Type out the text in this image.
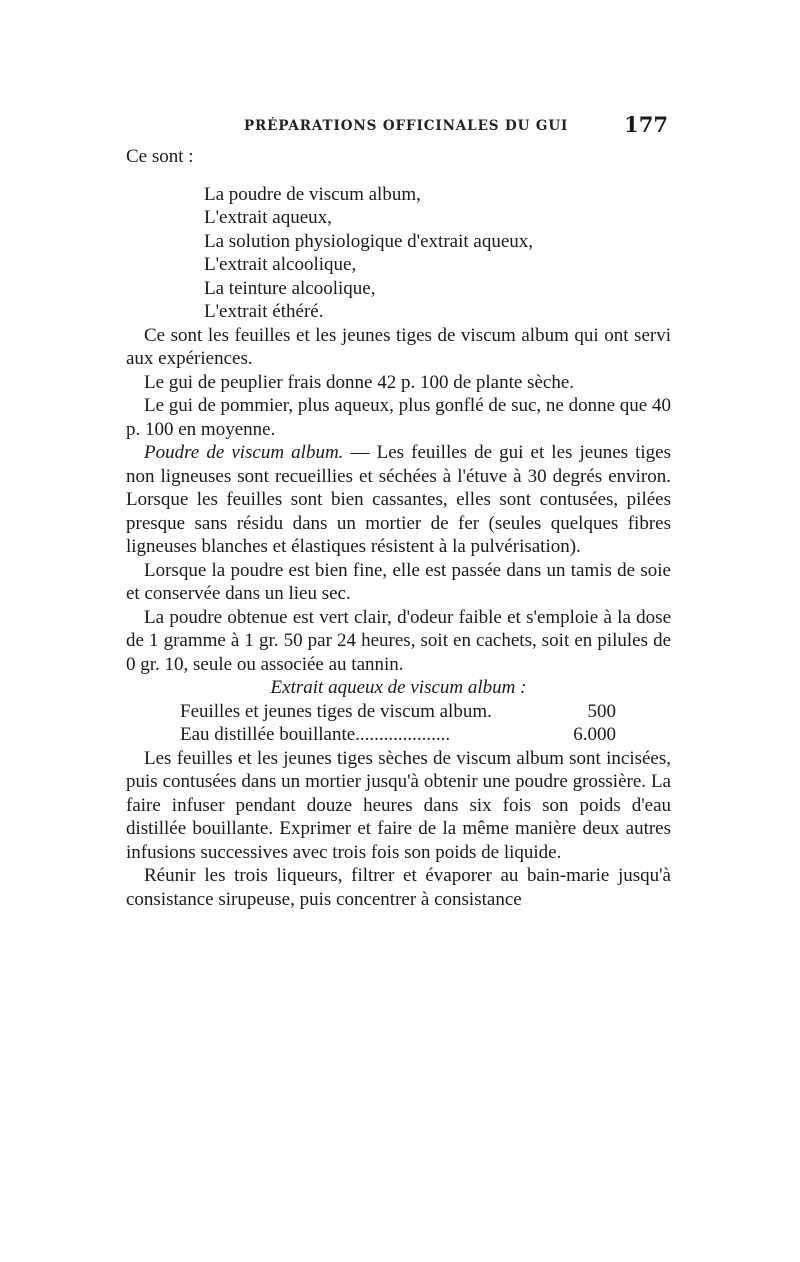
PRÉPARATIONS OFFICINALES DU GUI	177

Ce sont :

La poudre de viscum album,
L'extrait aqueux,
La solution physiologique d'extrait aqueux,
L'extrait alcoolique,
La teinture alcoolique,
L'extrait éthéré.

Ce sont les feuilles et les jeunes tiges de viscum album qui ont servi aux expériences.

Le gui de peuplier frais donne 42 p. 100 de plante sèche.

Le gui de pommier, plus aqueux, plus gonflé de suc, ne donne que 40 p. 100 en moyenne.

Poudre de viscum album. — Les feuilles de gui et les jeunes tiges non ligneuses sont recueillies et séchées à l'étuve à 30 degrés environ. Lorsque les feuilles sont bien cassantes, elles sont contusées, pilées presque sans résidu dans un mortier de fer (seules quelques fibres ligneuses blanches et élastiques résistent à la pulvérisation).

Lorsque la poudre est bien fine, elle est passée dans un tamis de soie et conservée dans un lieu sec.

La poudre obtenue est vert clair, d'odeur faible et s'emploie à la dose de 1 gramme à 1 gr. 50 par 24 heures, soit en cachets, soit en pilules de 0 gr. 10, seule ou associée au tannin.

Extrait aqueux de viscum album :

Feuilles et jeunes tiges de viscum album.	500
Eau distillée bouillante....................	6.000

Les feuilles et les jeunes tiges sèches de viscum album sont incisées, puis contusées dans un mortier jusqu'à obtenir une poudre grossière. La faire infuser pendant douze heures dans six fois son poids d'eau distillée bouillante. Exprimer et faire de la même manière deux autres infusions successives avec trois fois son poids de liquide.

Réunir les trois liqueurs, filtrer et évaporer au bain-marie jusqu'à consistance sirupeuse, puis concentrer à consistance
